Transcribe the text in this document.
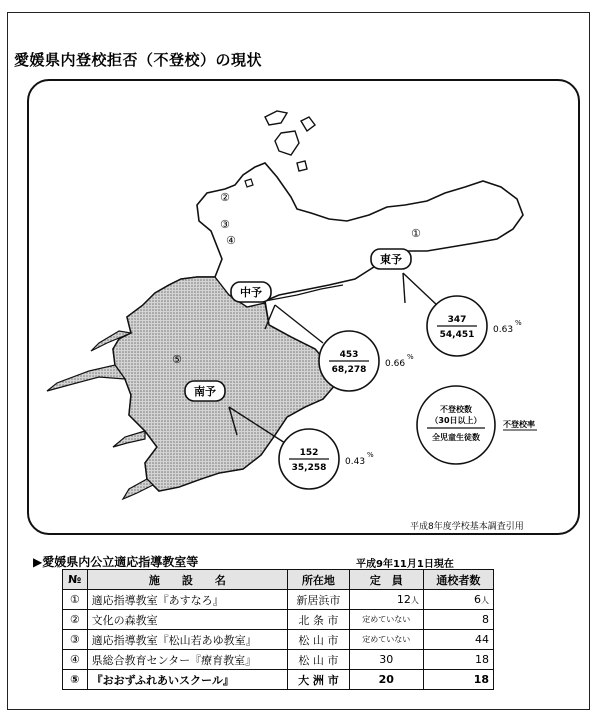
愛媛県内登校拒否（不登校）の現状
①
②
③
④
⑤
東予
中予
南予
347
54,451 0.63
%
453
68,278
0.66
%
152
35,258
0.43
%
不登校数
（30日以上）
全児童生徒数
不登校率
平成8年度学校基本調査引用
▶愛媛県内公立適応指導教室等	平成9年11月1日現在
№	施　　設　　名	所在地	定　員	通校者数
①	適応指導教室『あすなろ』	新居浜市	12人	6人
②	文化の森教室	北 条 市	定めていない	8
③	適応指導教室『松山若あゆ教室』	松 山 市	定めていない	44
④	県総合教育センター『療育教室』	松 山 市	30	18
⑤	『おおずふれあいスクール』	大 洲 市	20	18
